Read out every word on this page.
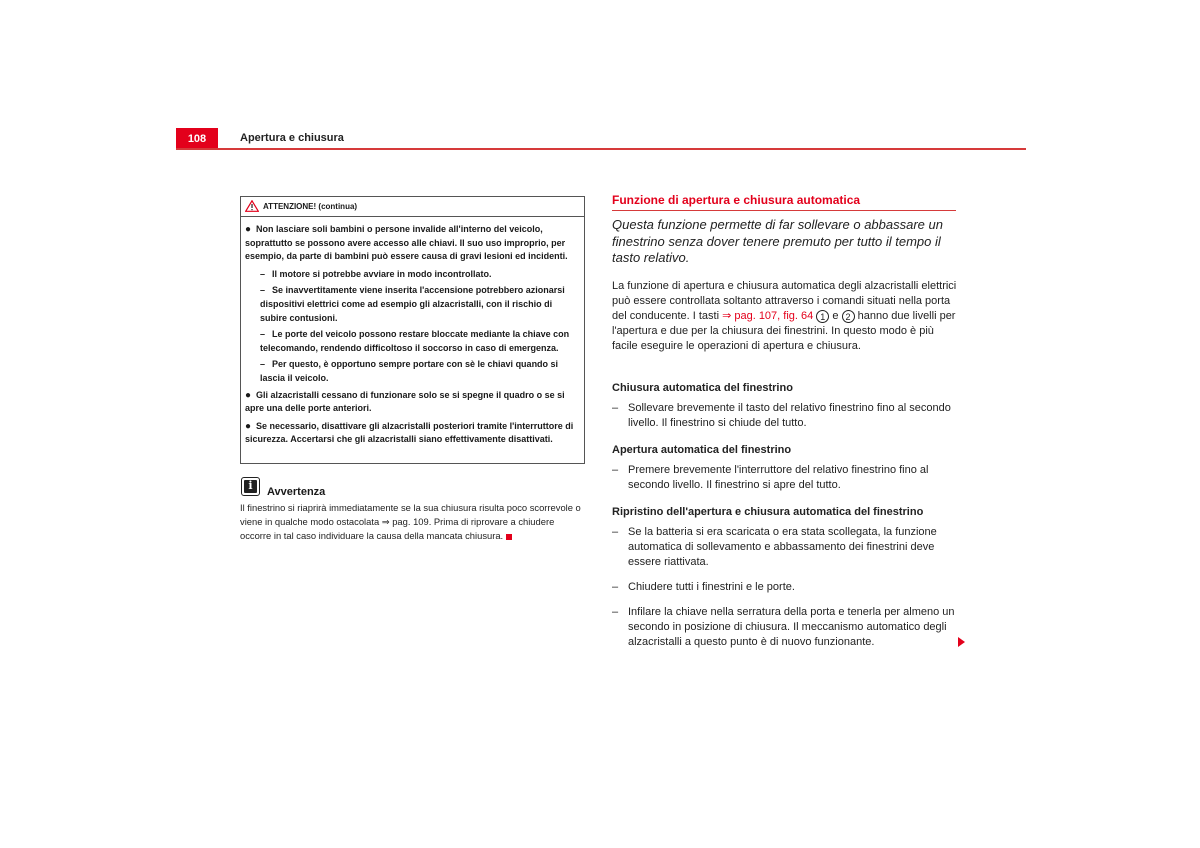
108	Apertura e chiusura
ATTENZIONE! (continua)
● Non lasciare soli bambini o persone invalide all'interno del veicolo, soprattutto se possono avere accesso alle chiavi. Il suo uso improprio, per esempio, da parte di bambini può essere causa di gravi lesioni ed incidenti.
– Il motore si potrebbe avviare in modo incontrollato.
– Se inavvertitamente viene inserita l'accensione potrebbero azionarsi dispositivi elettrici come ad esempio gli alzacristalli, con il rischio di subire contusioni.
– Le porte del veicolo possono restare bloccate mediante la chiave con telecomando, rendendo difficoltoso il soccorso in caso di emergenza.
– Per questo, è opportuno sempre portare con sè le chiavi quando si lascia il veicolo.
● Gli alzacristalli cessano di funzionare solo se si spegne il quadro o se si apre una delle porte anteriori.
● Se necessario, disattivare gli alzacristalli posteriori tramite l'interruttore di sicurezza. Accertarsi che gli alzacristalli siano effettivamente disattivati.
i	Avvertenza
Il finestrino si riaprirà immediatamente se la sua chiusura risulta poco scorrevole o viene in qualche modo ostacolata ⇒ pag. 109. Prima di riprovare a chiudere occorre in tal caso individuare la causa della mancata chiusura.
Funzione di apertura e chiusura automatica
Questa funzione permette di far sollevare o abbassare un finestrino senza dover tenere premuto per tutto il tempo il tasto relativo.
La funzione di apertura e chiusura automatica degli alzacristalli elettrici può essere controllata soltanto attraverso i comandi situati nella porta del conducente. I tasti ⇒ pag. 107, fig. 64 1 e 2 hanno due livelli per l'apertura e due per la chiusura dei finestrini. In questo modo è più facile eseguire le operazioni di apertura e chiusura.
Chiusura automatica del finestrino
– Sollevare brevemente il tasto del relativo finestrino fino al secondo livello. Il finestrino si chiude del tutto.
Apertura automatica del finestrino
– Premere brevemente l'interruttore del relativo finestrino fino al secondo livello. Il finestrino si apre del tutto.
Ripristino dell'apertura e chiusura automatica del finestrino
– Se la batteria si era scaricata o era stata scollegata, la funzione automatica di sollevamento e abbassamento dei finestrini deve essere riattivata.
– Chiudere tutti i finestrini e le porte.
– Infilare la chiave nella serratura della porta e tenerla per almeno un secondo in posizione di chiusura. Il meccanismo automatico degli alzacristalli a questo punto è di nuovo funzionante.
